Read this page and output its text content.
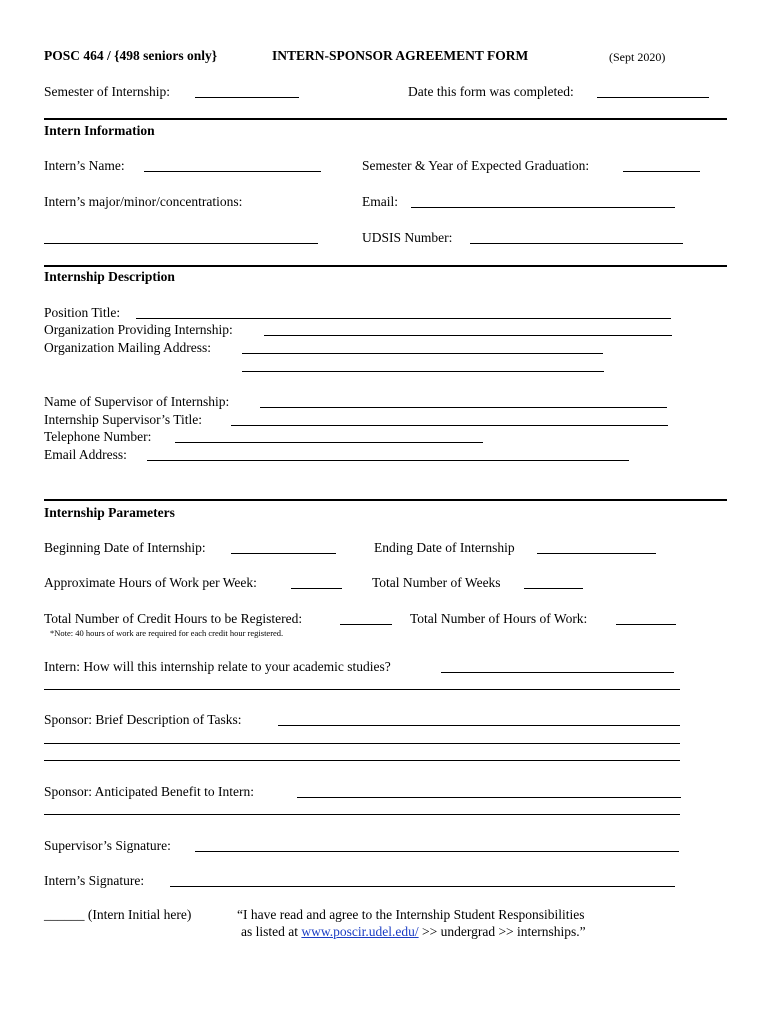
POSC 464 / {498 seniors only}	INTERN-SPONSOR AGREEMENT FORM	(Sept 2020)
Semester of Internship:	Date this form was completed:
Intern Information
Intern’s Name:	Semester & Year of Expected Graduation:
Intern’s major/minor/concentrations:	Email:
UDSIS Number:
Internship Description
Position Title:
Organization Providing Internship:
Organization Mailing Address:
Name of Supervisor of Internship:
Internship Supervisor’s Title:
Telephone Number:
Email Address:
Internship Parameters
Beginning Date of Internship:	Ending Date of Internship
Approximate Hours of Work per Week:	Total Number of Weeks
Total Number of Credit Hours to be Registered:	Total Number of Hours of Work:
*Note: 40 hours of work are required for each credit hour registered.
Intern: How will this internship relate to your academic studies?
Sponsor: Brief Description of Tasks:
Sponsor: Anticipated Benefit to Intern:
Supervisor’s Signature:
Intern’s Signature:
______ (Intern Initial here)	“I have read and agree to the Internship Student Responsibilities
as listed at www.poscir.udel.edu/ >> undergrad >> internships.”
